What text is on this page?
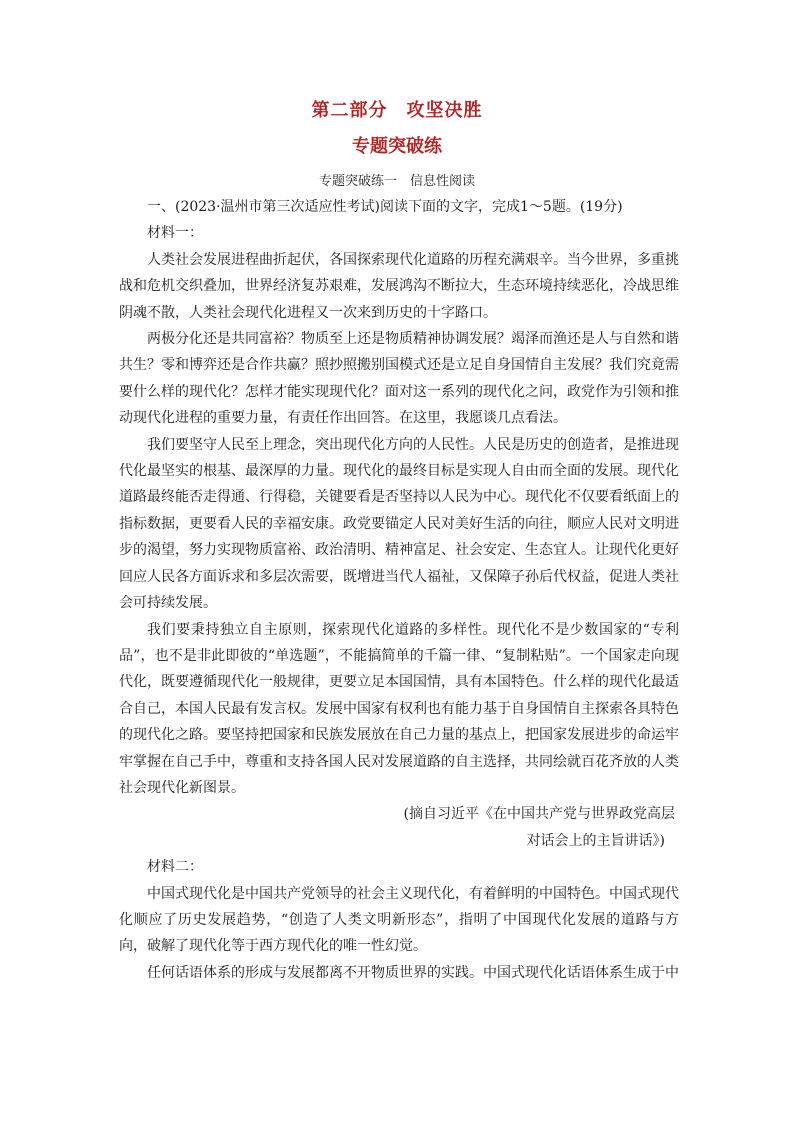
第二部分　攻坚决胜
专题突破练
专题突破练一　信息性阅读

一、(2023·温州市第三次适应性考试)阅读下面的文字，完成1～5题。(19分)

材料一：

人类社会发展进程曲折起伏，各国探索现代化道路的历程充满艰辛。当今世界，多重挑战和危机交织叠加，世界经济复苏艰难，发展鸿沟不断拉大，生态环境持续恶化，冷战思维阴魂不散，人类社会现代化进程又一次来到历史的十字路口。

两极分化还是共同富裕？物质至上还是物质精神协调发展？竭泽而渔还是人与自然和谐共生？零和博弈还是合作共赢？照抄照搬别国模式还是立足自身国情自主发展？我们究竟需要什么样的现代化？怎样才能实现现代化？面对这一系列的现代化之问，政党作为引领和推动现代化进程的重要力量，有责任作出回答。在这里，我愿谈几点看法。

我们要坚守人民至上理念，突出现代化方向的人民性。人民是历史的创造者，是推进现代化最坚实的根基、最深厚的力量。现代化的最终目标是实现人自由而全面的发展。现代化道路最终能否走得通、行得稳，关键要看是否坚持以人民为中心。现代化不仅要看纸面上的指标数据，更要看人民的幸福安康。政党要锚定人民对美好生活的向往，顺应人民对文明进步的渴望，努力实现物质富裕、政治清明、精神富足、社会安定、生态宜人。让现代化更好回应人民各方面诉求和多层次需要，既增进当代人福祉，又保障子孙后代权益，促进人类社会可持续发展。

我们要秉持独立自主原则，探索现代化道路的多样性。现代化不是少数国家的“专利品”，也不是非此即彼的“单选题”，不能搞简单的千篇一律、“复制粘贴”。一个国家走向现代化，既要遵循现代化一般规律，更要立足本国国情，具有本国特色。什么样的现代化最适合自己，本国人民最有发言权。发展中国家有权利也有能力基于自身国情自主探索各具特色的现代化之路。要坚持把国家和民族发展放在自己力量的基点上，把国家发展进步的命运牢牢掌握在自己手中，尊重和支持各国人民对发展道路的自主选择，共同绘就百花齐放的人类社会现代化新图景。

(摘自习近平《在中国共产党与世界政党高层

对话会上的主旨讲话》)

材料二：

中国式现代化是中国共产党领导的社会主义现代化，有着鲜明的中国特色。中国式现代化顺应了历史发展趋势，“创造了人类文明新形态”，指明了中国现代化发展的道路与方向，破解了现代化等于西方现代化的唯一性幻觉。

任何话语体系的形成与发展都离不开物质世界的实践。中国式现代化话语体系生成于中
